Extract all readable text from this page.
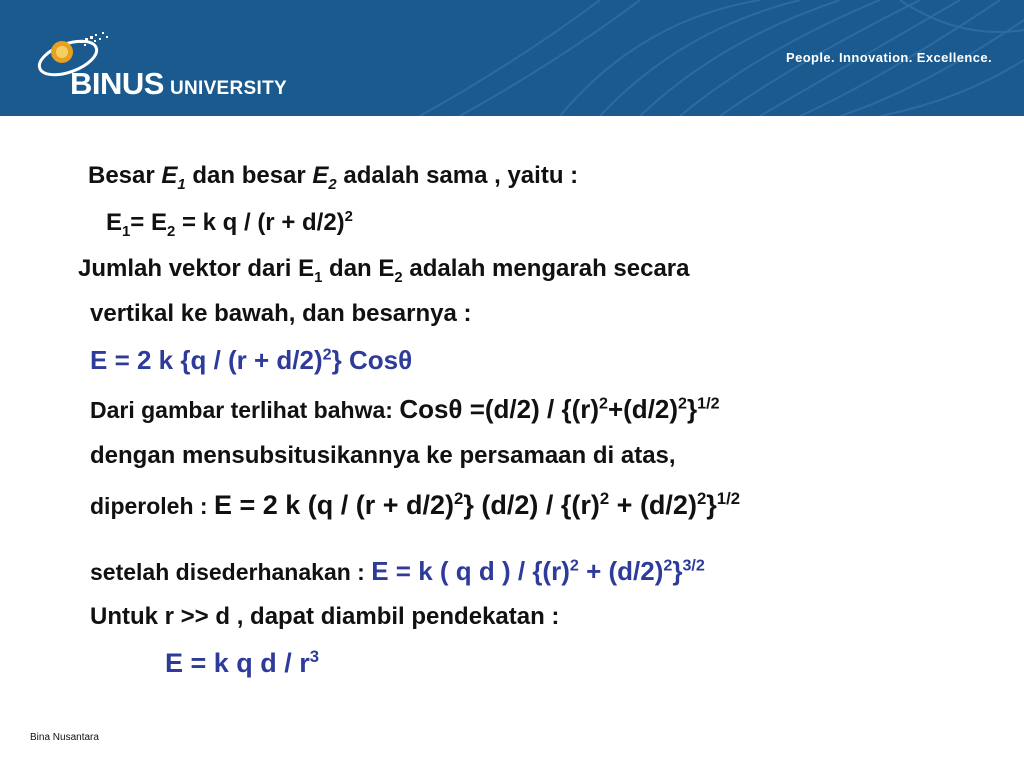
BINUS UNIVERSITY
People. Innovation. Excellence.
Besar $E_1$ dan besar $E_2$ adalah sama , yaitu :
$E_1= E_2 = k$ $q / (r + d/2)^2$
Jumlah vektor dari $E_1$ dan $E_2$ adalah mengarah secara
vertikal ke bawah, dan besarnya :
E = 2 k $\{q / (r + d/2)^2\}$ Cosθ
Dari gambar terlihat bahwa: $Cos\theta =(d/2) / \{(r)^2+(d/2)^2\}^{1/2}$
dengan mensubsitusikannya ke persamaan di atas,
diperoleh : E = 2 k $(q / (r + d/2)^2\}$ $(d/2) / \{(r)^2 + (d/2)^2\}^{1/2}$
setelah disederhanakan : E = k ( q d ) / $\{(r)^2 + (d/2)^2\}^{3/2}$
Untuk r >> d , dapat diambil pendekatan :
E = k q d / $r^3$
Bina Nusantara
